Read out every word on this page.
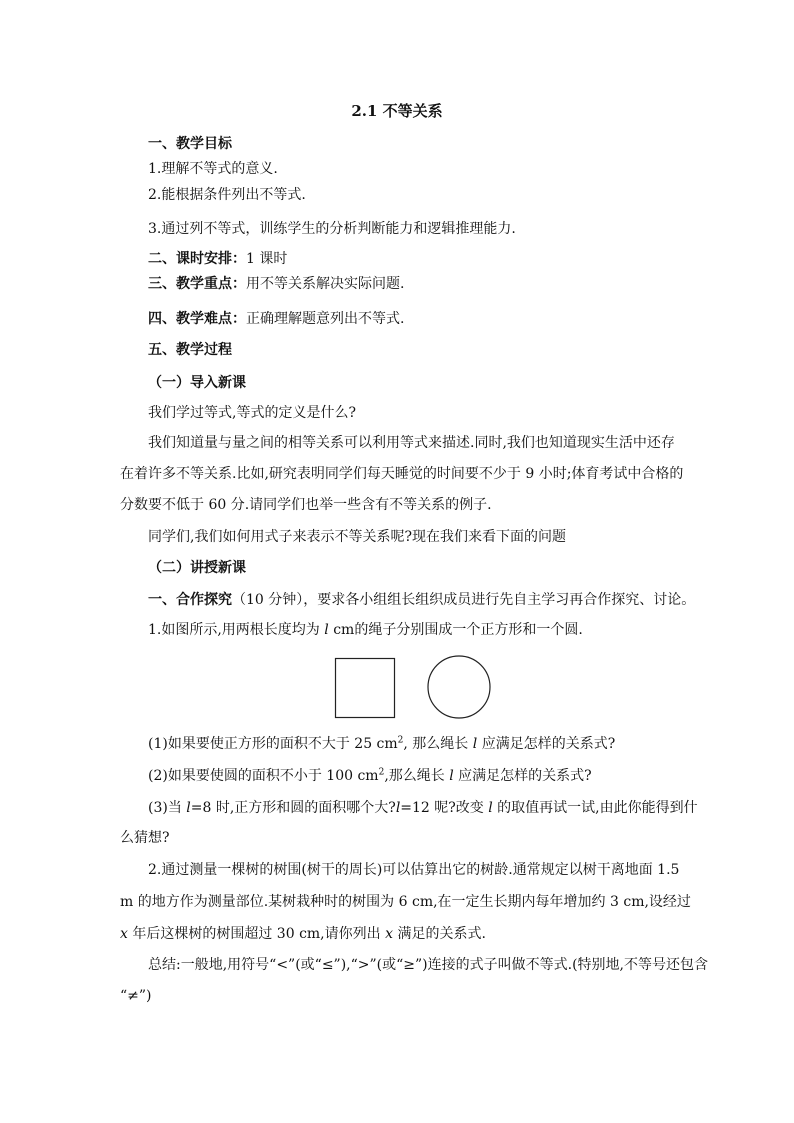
2.1 不等关系
一、教学目标
1.理解不等式的意义.
2.能根据条件列出不等式.
3.通过列不等式，训练学生的分析判断能力和逻辑推理能力.
二、课时安排：1 课时
三、教学重点：用不等关系解决实际问题.
四、教学难点：正确理解题意列出不等式.
五、教学过程
（一）导入新课
我们学过等式,等式的定义是什么?
我们知道量与量之间的相等关系可以利用等式来描述.同时,我们也知道现实生活中还存
在着许多不等关系.比如,研究表明同学们每天睡觉的时间要不少于 9 小时;体育考试中合格的
分数要不低于 60 分.请同学们也举一些含有不等关系的例子.
同学们,我们如何用式子来表示不等关系呢?现在我们来看下面的问题
（二）讲授新课
一、合作探究（10 分钟），要求各小组组长组织成员进行先自主学习再合作探究、讨论。
1.如图所示,用两根长度均为 l cm的绳子分别围成一个正方形和一个圆.
(1)如果要使正方形的面积不大于 25 $cm^2$, 那么绳长 l 应满足怎样的关系式?
(2)如果要使圆的面积不小于 100 $cm^2$,那么绳长 l 应满足怎样的关系式?
(3)当 l=8 时,正方形和圆的面积哪个大?l=12 呢?改变 l 的取值再试一试,由此你能得到什
么猜想?
2.通过测量一棵树的树围(树干的周长)可以估算出它的树龄.通常规定以树干离地面 1.5
m 的地方作为测量部位.某树栽种时的树围为 6 cm,在一定生长期内每年增加约 3 cm,设经过
x 年后这棵树的树围超过 30 cm,请你列出 x 满足的关系式.
总结:一般地,用符号“<”(或“≤”),“>”(或“≥”)连接的式子叫做不等式.(特别地,不等号还包含
“≠”)
